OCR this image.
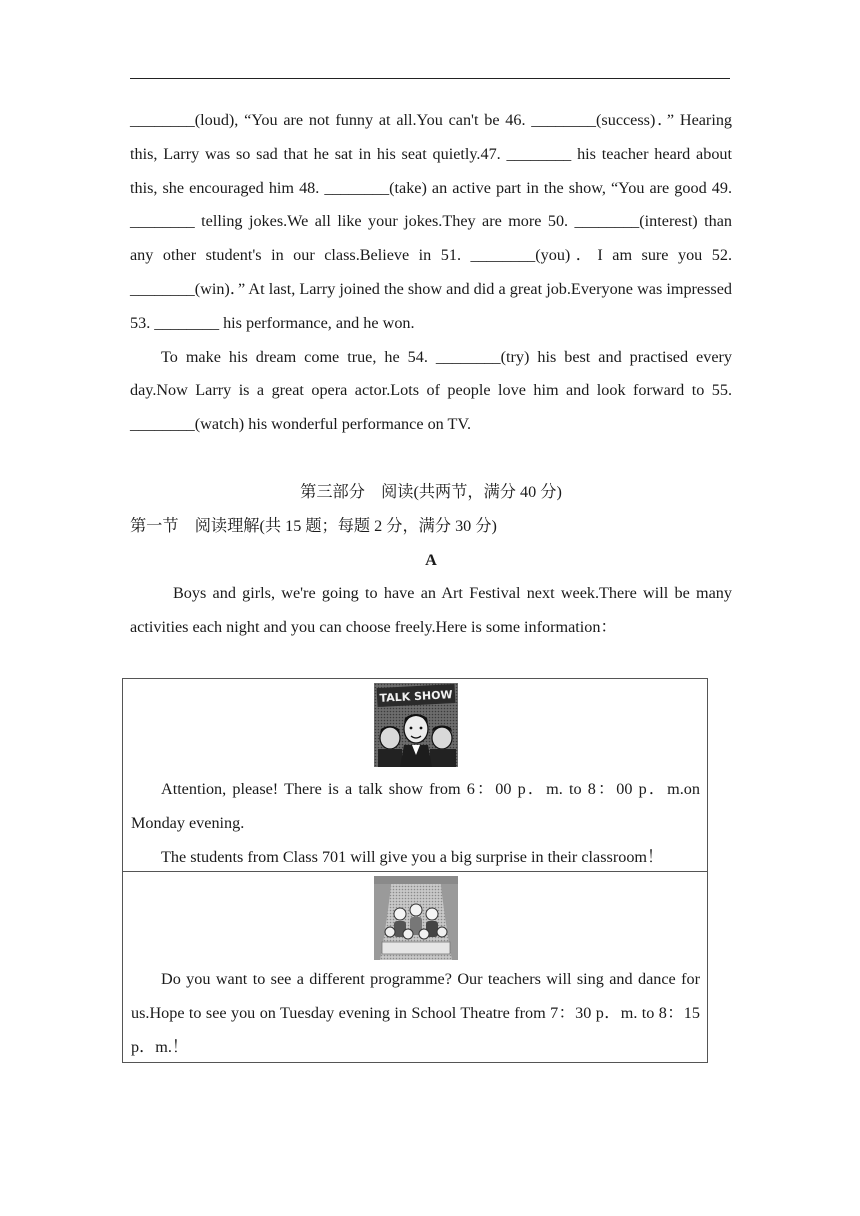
________(loud), “You are not funny at all.You can't be 46. ________(success)．” Hearing this, Larry was so sad that he sat in his seat quietly.47. ________ his teacher heard about this, she encouraged him 48. ________(take) an active part in the show, “You are good 49. ________ telling jokes.We all like your jokes.They are more 50. ________(interest) than any other student's in our class.Believe in 51. ________(you)．I am sure you 52. ________(win)．” At last, Larry joined the show and did a great job.Everyone was impressed 53. ________ his performance, and he won.

To make his dream come true, he 54. ________(try) his best and practised every day.Now Larry is a great opera actor.Lots of people love him and look forward to 55. ________(watch) his wonderful performance on TV.

第三部分　阅读(共两节，满分 40 分)
第一节　阅读理解(共 15 题；每题 2 分，满分 30 分)
A

Boys and girls, we're going to have an Art Festival next week.There will be many activities each night and you can choose freely.Here is some information：

TALK SHOW

Attention, please! There is a talk show from 6：00 p．m. to 8：00 p．m.on Monday evening.

The students from Class 701 will give you a big surprise in their classroom！

Do you want to see a different programme? Our teachers will sing and dance for us.Hope to see you on Tuesday evening in School Theatre from 7：30 p．m. to 8：15 p．m.！
